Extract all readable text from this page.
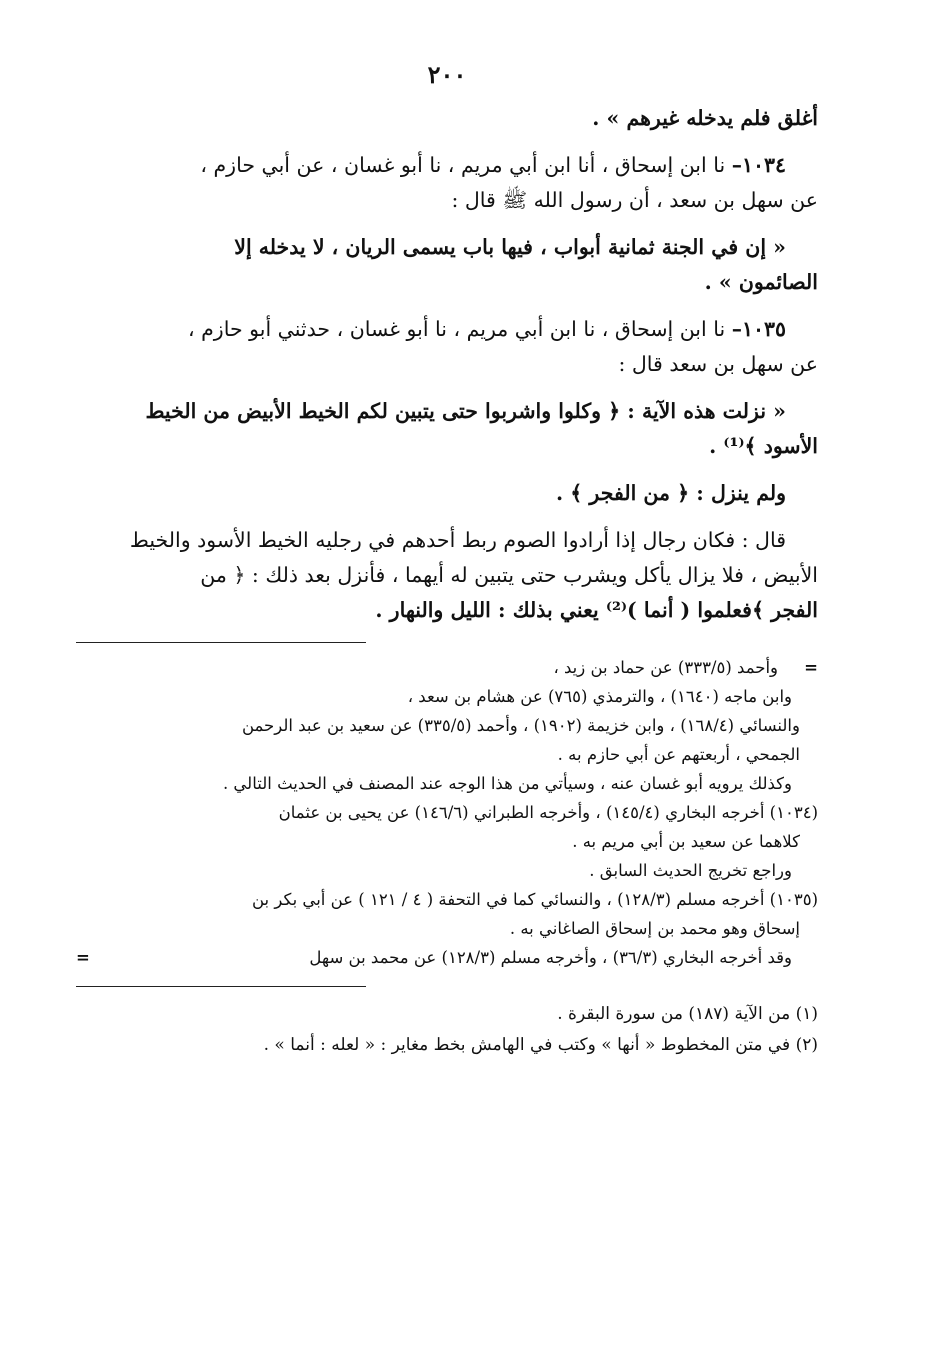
٢٠٠

أغلق فلم يدخله غيرهم » .

١٠٣٤– نا ابن إسحاق ، أنا ابن أبي مريم ، نا أبو غسان ، عن أبي حازم ،

عن سهل بن سعد ، أن رسول الله ﷺ قال :

« إن في الجنة ثمانية أبواب ، فيها باب يسمى الريان ، لا يدخله إلا

الصائمون » .

١٠٣٥– نا ابن إسحاق ، نا ابن أبي مريم ، نا أبو غسان ، حدثني أبو حازم ،

عن سهل بن سعد قال :

« نزلت هذه الآية : ﴿ وكلوا واشربوا حتى يتبين لكم الخيط الأبيض من الخيط

الأسود ﴾⁽¹⁾ .

ولم ينزل : ﴿ من الفجر ﴾ .

قال : فكان رجال إذا أرادوا الصوم ربط أحدهم في رجليه الخيط الأسود والخيط

الأبيض ، فلا يزال يأكل ويشرب حتى يتبين له أيهما ، فأنزل بعد ذلك : ﴿ من

الفجر ﴾فعلموا ( أنما )⁽²⁾ يعني بذلك : الليل والنهار .

=
وأحمد (٣٣٣/٥) عن حماد بن زيد ،

وابن ماجه (١٦٤٠) ، والترمذي (٧٦٥) عن هشام بن سعد ،

والنسائي (١٦٨/٤) ، وابن خزيمة (١٩٠٢) ، وأحمد (٣٣٥/٥) عن سعيد بن عبد الرحمن

الجمحي ، أربعتهم عن أبي حازم به .

وكذلك يرويه أبو غسان عنه ، وسيأتي من هذا الوجه عند المصنف في الحديث التالي .

(١٠٣٤) أخرجه البخاري (١٤٥/٤) ، وأخرجه الطبراني (١٤٦/٦) عن يحيى بن عثمان

كلاهما عن سعيد بن أبي مريم به .

وراجع تخريج الحديث السابق .

(١٠٣٥) أخرجه مسلم (١٢٨/٣) ، والنسائي كما في التحفة ( ٤ / ١٢١ ) عن أبي بكر بن

إسحاق وهو محمد بن إسحاق الصاغاني به .

وقد أخرجه البخاري (٣٦/٣) ، وأخرجه مسلم (١٢٨/٣) عن محمد بن سهل
=

(١) من الآية (١٨٧) من سورة البقرة .

(٢) في متن المخطوط « أنها » وكتب في الهامش بخط مغاير : « لعله : أنما » .
